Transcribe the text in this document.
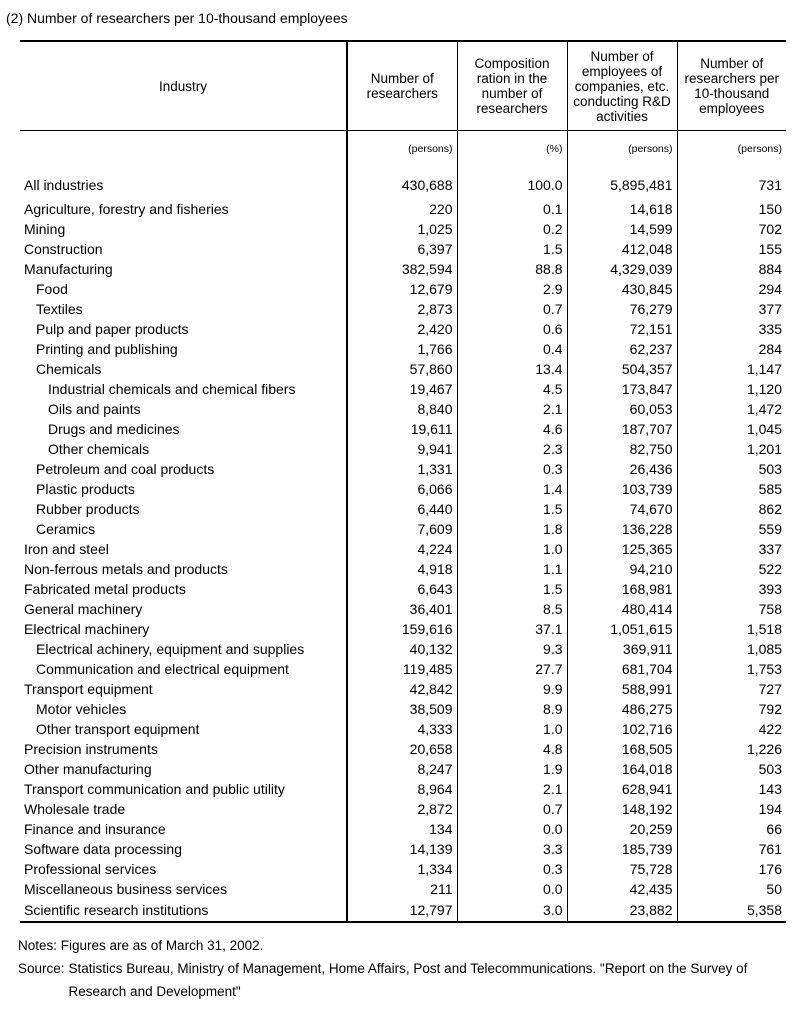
(2) Number of researchers per 10-thousand employees
Industry	Number of researchers	Composition ration in the number of researchers	Number of employees of companies, etc. conducting R&D activities	Number of researchers per 10-thousand employees
	(persons)	(%)	(persons)	(persons)
All industries	430,688	100.0	5,895,481	731
Agriculture, forestry and fisheries	220	0.1	14,618	150
Mining	1,025	0.2	14,599	702
Construction	6,397	1.5	412,048	155
Manufacturing	382,594	88.8	4,329,039	884
Food	12,679	2.9	430,845	294
Textiles	2,873	0.7	76,279	377
Pulp and paper products	2,420	0.6	72,151	335
Printing and publishing	1,766	0.4	62,237	284
Chemicals	57,860	13.4	504,357	1,147
Industrial chemicals and chemical fibers	19,467	4.5	173,847	1,120
Oils and paints	8,840	2.1	60,053	1,472
Drugs and medicines	19,611	4.6	187,707	1,045
Other chemicals	9,941	2.3	82,750	1,201
Petroleum and coal products	1,331	0.3	26,436	503
Plastic products	6,066	1.4	103,739	585
Rubber products	6,440	1.5	74,670	862
Ceramics	7,609	1.8	136,228	559
Iron and steel	4,224	1.0	125,365	337
Non-ferrous metals and products	4,918	1.1	94,210	522
Fabricated metal products	6,643	1.5	168,981	393
General machinery	36,401	8.5	480,414	758
Electrical machinery	159,616	37.1	1,051,615	1,518
Electrical achinery, equipment and supplies	40,132	9.3	369,911	1,085
Communication and electrical equipment	119,485	27.7	681,704	1,753
Transport equipment	42,842	9.9	588,991	727
Motor vehicles	38,509	8.9	486,275	792
Other transport equipment	4,333	1.0	102,716	422
Precision instruments	20,658	4.8	168,505	1,226
Other manufacturing	8,247	1.9	164,018	503
Transport communication and public utility	8,964	2.1	628,941	143
Wholesale trade	2,872	0.7	148,192	194
Finance and insurance	134	0.0	20,259	66
Software data processing	14,139	3.3	185,739	761
Professional services	1,334	0.3	75,728	176
Miscellaneous business services	211	0.0	42,435	50
Scientific research institutions	12,797	3.0	23,882	5,358
Notes: Figures are as of March 31, 2002.
Source: Statistics Bureau, Ministry of Management, Home Affairs, Post and Telecommunications. "Report on the Survey of Research and Development"
